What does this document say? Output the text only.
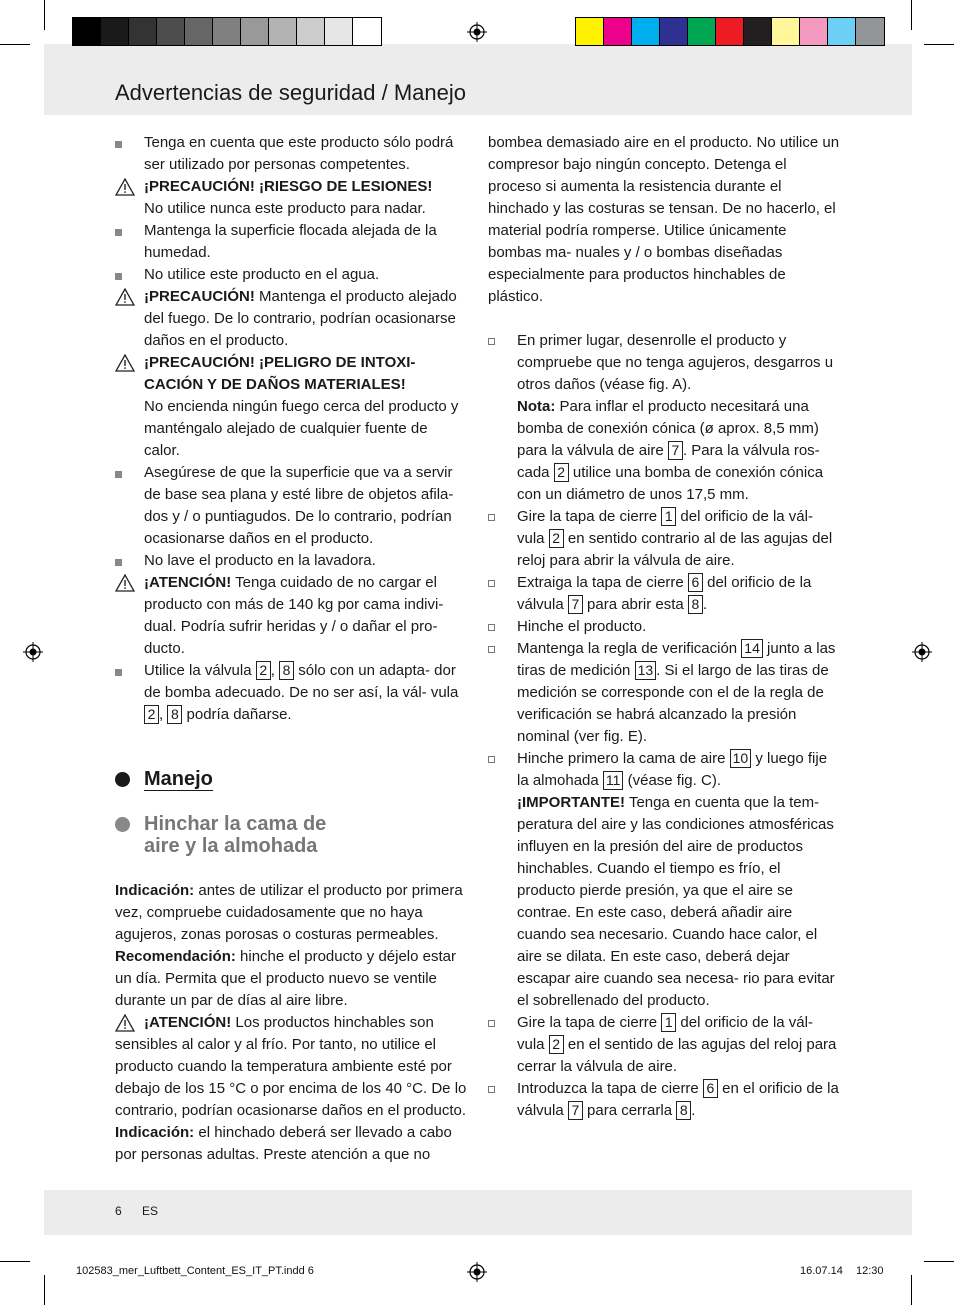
Advertencias de seguridad / Manejo
Tenga en cuenta que este producto sólo podrá ser utilizado por personas competentes.
¡PRECAUCIÓN! ¡RIESGO DE LESIONES!
No utilice nunca este producto para nadar.
Mantenga la superficie flocada alejada de la humedad.
No utilice este producto en el agua.
¡PRECAUCIÓN! Mantenga el producto alejado del fuego. De lo contrario, podrían ocasionarse daños en el producto.
¡PRECAUCIÓN! ¡PELIGRO DE INTOXI- CACIÓN Y DE DAÑOS MATERIALES!
No encienda ningún fuego cerca del producto y manténgalo alejado de cualquier fuente de calor.
Asegúrese de que la superficie que va a servir de base sea plana y esté libre de objetos afila- dos y / o puntiagudos. De lo contrario, podrían ocasionarse daños en el producto.
No lave el producto en la lavadora.
¡ATENCIÓN! Tenga cuidado de no cargar el producto con más de 140 kg por cama indivi- dual. Podría sufrir heridas y / o dañar el pro- ducto.
Utilice la válvula 2 , 8 sólo con un adapta- dor de bomba adecuado. De no ser así, la vál- vula 2 , 8 podría dañarse.
Manejo
Hinchar la cama de aire y la almohada
Indicación: antes de utilizar el producto por primera vez, compruebe cuidadosamente que no haya agujeros, zonas porosas o costuras permeables.
Recomendación: hinche el producto y déjelo estar un día. Permita que el producto nuevo se ventile durante un par de días al aire libre.
¡ATENCIÓN! Los productos hinchables son sensibles al calor y al frío. Por tanto, no utilice el producto cuando la temperatura ambiente esté por debajo de los 15 °C o por encima de los 40 °C. De lo contrario, podrían ocasionarse daños en el producto.
Indicación: el hinchado deberá ser llevado a cabo por personas adultas. Preste atención a que no
bombea demasiado aire en el producto. No utilice un compresor bajo ningún concepto. Detenga el proceso si aumenta la resistencia durante el hinchado y las costuras se tensan. De no hacerlo, el material podría romperse. Utilice únicamente bombas ma- nuales y / o bombas diseñadas especialmente para productos hinchables de plástico.
En primer lugar, desenrolle el producto y compruebe que no tenga agujeros, desgarros u otros daños (véase fig. A).
Nota: Para inflar el producto necesitará una bomba de conexión cónica (ø aprox. 8,5 mm) para la válvula de aire 7 . Para la válvula ros- cada 2 utilice una bomba de conexión cónica con un diámetro de unos 17,5 mm.
Gire la tapa de cierre 1 del orificio de la vál- vula 2 en sentido contrario al de las agujas del reloj para abrir la válvula de aire.
Extraiga la tapa de cierre 6 del orificio de la válvula 7 para abrir esta 8 .
Hinche el producto.
Mantenga la regla de verificación 14 junto a las tiras de medición 13 . Si el largo de las tiras de medición se corresponde con el de la regla de verificación se habrá alcanzado la presión nominal (ver fig. E).
Hinche primero la cama de aire 10 y luego fije la almohada 11 (véase fig. C).
¡IMPORTANTE! Tenga en cuenta que la tem- peratura del aire y las condiciones atmosféricas influyen en la presión del aire de productos hinchables. Cuando el tiempo es frío, el producto pierde presión, ya que el aire se contrae. En este caso, deberá añadir aire cuando sea necesario. Cuando hace calor, el aire se dilata. En este caso, deberá dejar escapar aire cuando sea necesa- rio para evitar el sobrellenado del producto.
Gire la tapa de cierre 1 del orificio de la vál- vula 2 en el sentido de las agujas del reloj para cerrar la válvula de aire.
Introduzca la tapa de cierre 6 en el orificio de la válvula 7 para cerrarla 8 .
6 ES
102583_mer_Luftbett_Content_ES_IT_PT.indd 6	16.07.14 12:30
